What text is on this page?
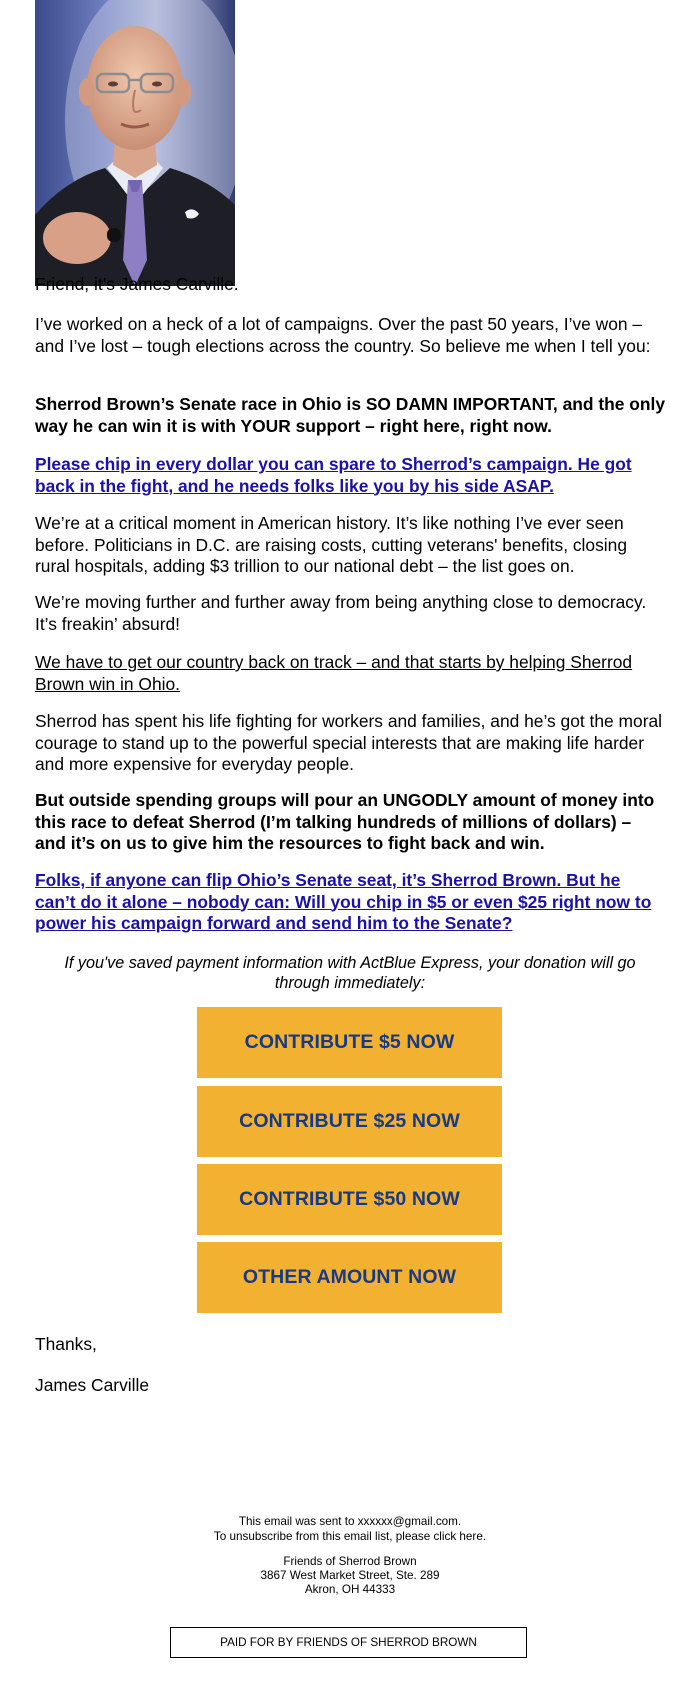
Friend, it’s James Carville.

I’ve worked on a heck of a lot of campaigns. Over the past 50 years, I’ve won – and I’ve lost – tough elections across the country. So believe me when I tell you:

Sherrod Brown’s Senate race in Ohio is SO DAMN IMPORTANT, and the only way he can win it is with YOUR support – right here, right now.

Please chip in every dollar you can spare to Sherrod’s campaign. He got back in the fight, and he needs folks like you by his side ASAP.

We’re at a critical moment in American history. It’s like nothing I’ve ever seen before. Politicians in D.C. are raising costs, cutting veterans' benefits, closing rural hospitals, adding $3 trillion to our national debt – the list goes on.

We’re moving further and further away from being anything close to democracy. It’s freakin’ absurd!

We have to get our country back on track – and that starts by helping Sherrod Brown win in Ohio.

Sherrod has spent his life fighting for workers and families, and he’s got the moral courage to stand up to the powerful special interests that are making life harder and more expensive for everyday people.

But outside spending groups will pour an UNGODLY amount of money into this race to defeat Sherrod (I’m talking hundreds of millions of dollars) – and it’s on us to give him the resources to fight back and win.

Folks, if anyone can flip Ohio’s Senate seat, it’s Sherrod Brown. But he can’t do it alone – nobody can: Will you chip in $5 or even $25 right now to power his campaign forward and send him to the Senate?

If you've saved payment information with ActBlue Express, your donation will go through immediately:

CONTRIBUTE $5 NOW
CONTRIBUTE $25 NOW
CONTRIBUTE $50 NOW
OTHER AMOUNT NOW

Thanks,

James Carville

This email was sent to xxxxxx@gmail.com.

To unsubscribe from this email list, please click here.

Friends of Sherrod Brown

3867 West Market Street, Ste. 289

Akron, OH 44333

PAID FOR BY FRIENDS OF SHERROD BROWN
